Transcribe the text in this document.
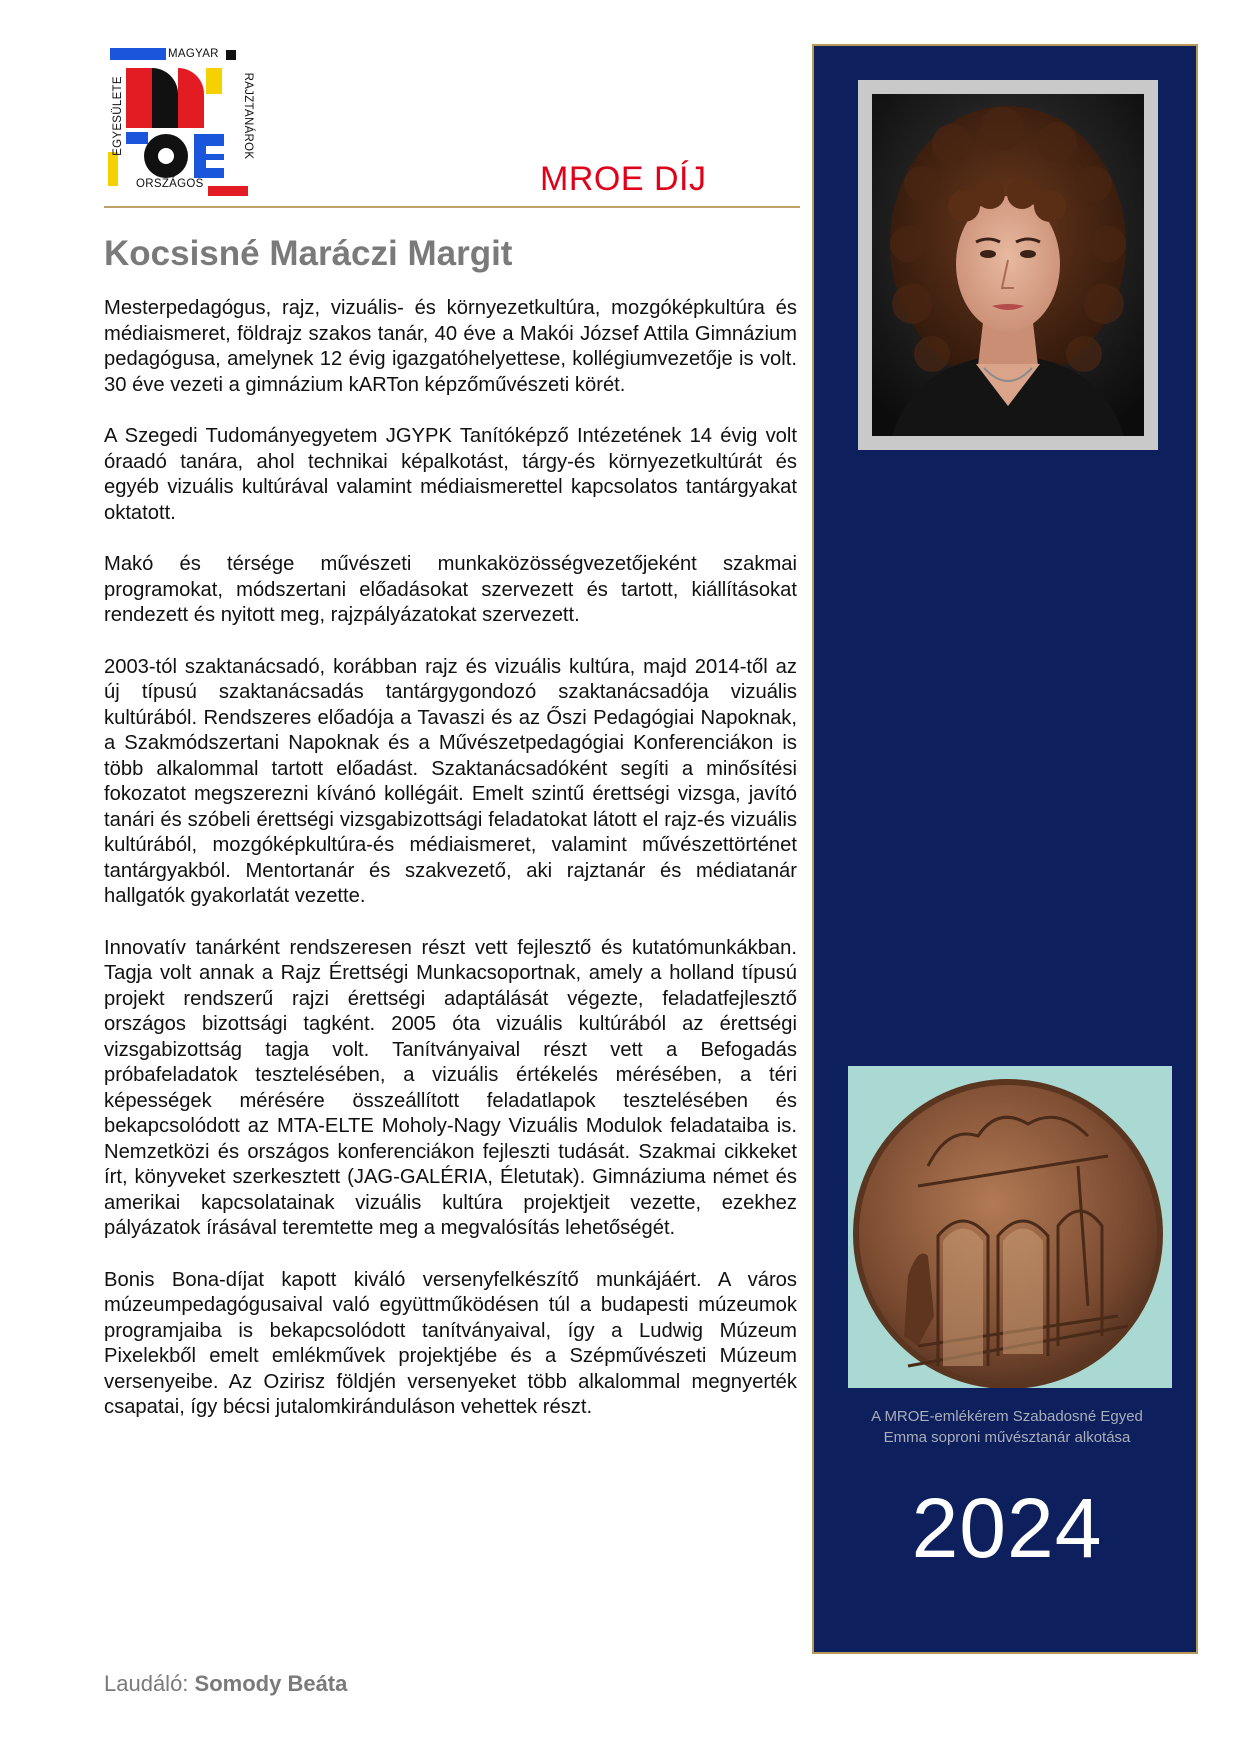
MAGYAR
RAJZTANÁROK
ORSZÁGOS
EGYESÜLETE
MROE DÍJ
Kocsisné Maráczi Margit

Mesterpedagógus, rajz, vizuális- és környezetkultúra, mozgóképkultúra és médiaismeret, földrajz szakos tanár, 40 éve a Makói József Attila Gimnázium pedagógusa, amelynek 12 évig igazgatóhelyettese, kollégiumvezetője is volt. 30 éve vezeti a gimnázium kARTon képzőművészeti körét.

A Szegedi Tudományegyetem JGYPK Tanítóképző Intézetének 14 évig volt óraadó tanára, ahol technikai képalkotást, tárgy-és környezetkultúrát és egyéb vizuális kultúrával valamint médiaismerettel kapcsolatos tantárgyakat oktatott.

Makó és térsége művészeti munkaközösségvezetőjeként szakmai programokat, módszertani előadásokat szervezett és tartott, kiállításokat rendezett és nyitott meg, rajzpályázatokat szervezett.

2003-tól szaktanácsadó, korábban rajz és vizuális kultúra, majd 2014-től az új típusú szaktanácsadás tantárgygondozó szaktanácsadója vizuális kultúrából. Rendszeres előadója a Tavaszi és az Őszi Pedagógiai Napoknak, a Szakmódszertani Napoknak és a Művészetpedagógiai Konferenciákon is több alkalommal tartott előadást. Szaktanácsadóként segíti a minősítési fokozatot megszerezni kívánó kollégáit. Emelt szintű érettségi vizsga, javító tanári és szóbeli érettségi vizsgabizottsági feladatokat látott el rajz-és vizuális kultúrából, mozgóképkultúra-és médiaismeret, valamint művészettörténet tantárgyakból. Mentortanár és szakvezető, aki rajztanár és médiatanár hallgatók gyakorlatát vezette.

Innovatív tanárként rendszeresen részt vett fejlesztő és kutatómunkákban. Tagja volt annak a Rajz Érettségi Munkacsoportnak, amely a holland típusú projekt rendszerű rajzi érettségi adaptálását végezte, feladatfejlesztő országos bizottsági tagként. 2005 óta vizuális kultúrából az érettségi vizsgabizottság tagja volt. Tanítványaival részt vett a Befogadás próbafeladatok tesztelésében, a vizuális értékelés mérésében, a téri képességek mérésére összeállított feladatlapok tesztelésében és bekapcsolódott az MTA-ELTE Moholy-Nagy Vizuális Modulok feladataiba is. Nemzetközi és országos konferenciákon fejleszti tudását. Szakmai cikkeket írt, könyveket szerkesztett (JAG-GALÉRIA, Életutak). Gimnáziuma német és amerikai kapcsolatainak vizuális kultúra projektjeit vezette, ezekhez pályázatok írásával teremtette meg a megvalósítás lehetőségét.

Bonis Bona-díjat kapott kiváló versenyfelkészítő munkájáért. A város múzeumpedagógusaival való együttműködésen túl a budapesti múzeumok programjaiba is bekapcsolódott tanítványaival, így a Ludwig Múzeum Pixelekből emelt emlékművek projektjébe és a Szépművészeti Múzeum versenyeibe. Az Ozirisz földjén versenyeket több alkalommal megnyerték csapatai, így bécsi jutalomkiránduláson vehettek részt.

Laudáló: Somody Beáta
A MROE-emlékérem Szabadosné Egyed
Emma soproni művésztanár alkotása
2024
